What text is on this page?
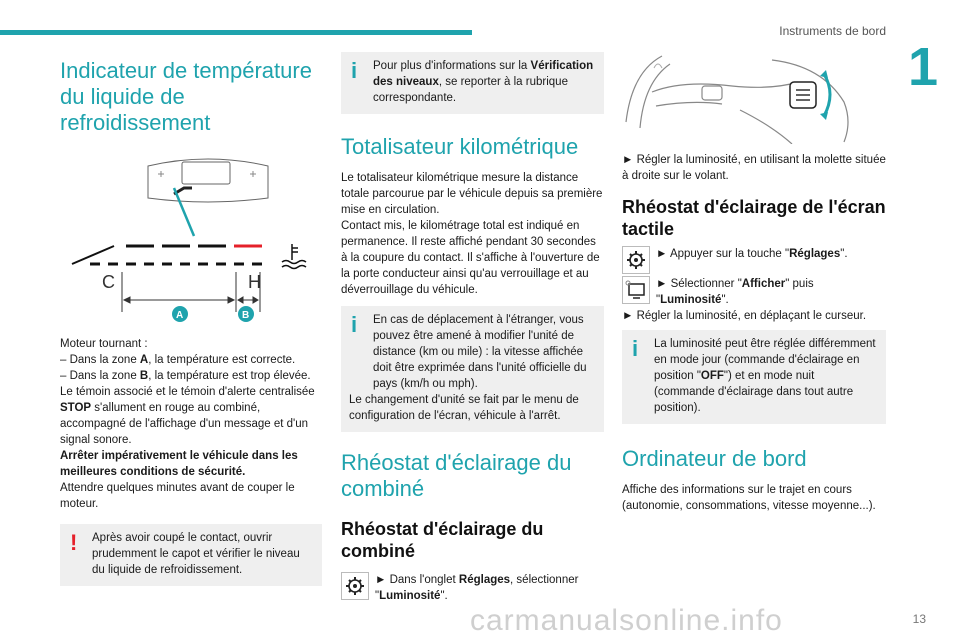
Instruments de bord
1
13
carmanualsonline.info
Indicateur de température du liquide de refroidissement
C	H
A	B
Moteur tournant :
– Dans la zone A, la température est correcte.
– Dans la zone B, la température est trop élevée. Le témoin associé et le témoin d'alerte centralisée STOP s'allument en rouge au combiné, accompagné de l'affichage d'un message et d'un signal sonore.
Arrêter impérativement le véhicule dans les meilleures conditions de sécurité.
Attendre quelques minutes avant de couper le moteur.
!	Après avoir coupé le contact, ouvrir prudemment le capot et vérifier le niveau du liquide de refroidissement.
i	Pour plus d'informations sur la Vérification des niveaux, se reporter à la rubrique correspondante.
Totalisateur kilométrique
Le totalisateur kilométrique mesure la distance totale parcourue par le véhicule depuis sa première mise en circulation.
Contact mis, le kilométrage total est indiqué en permanence. Il reste affiché pendant 30 secondes à la coupure du contact. Il s'affiche à l'ouverture de la porte conducteur ainsi qu'au verrouillage et au déverrouillage du véhicule.
i	En cas de déplacement à l'étranger, vous pouvez être amené à modifier l'unité de distance (km ou mile) : la vitesse affichée doit être exprimée dans l'unité officielle du pays (km/h ou mph).
Le changement d'unité se fait par le menu de configuration de l'écran, véhicule à l'arrêt.
Rhéostat d'éclairage du combiné
Rhéostat d'éclairage du combiné
► Dans l'onglet Réglages, sélectionner "Luminosité".
► Régler la luminosité, en utilisant la molette située à droite sur le volant.
Rhéostat d'éclairage de l'écran tactile
► Appuyer sur la touche "Réglages".
► Sélectionner "Afficher" puis "Luminosité".
► Régler la luminosité, en déplaçant le curseur.
i	La luminosité peut être réglée différemment en mode jour (commande d'éclairage en position "OFF") et en mode nuit (commande d'éclairage dans tout autre position).
Ordinateur de bord
Affiche des informations sur le trajet en cours (autonomie, consommations, vitesse moyenne...).
